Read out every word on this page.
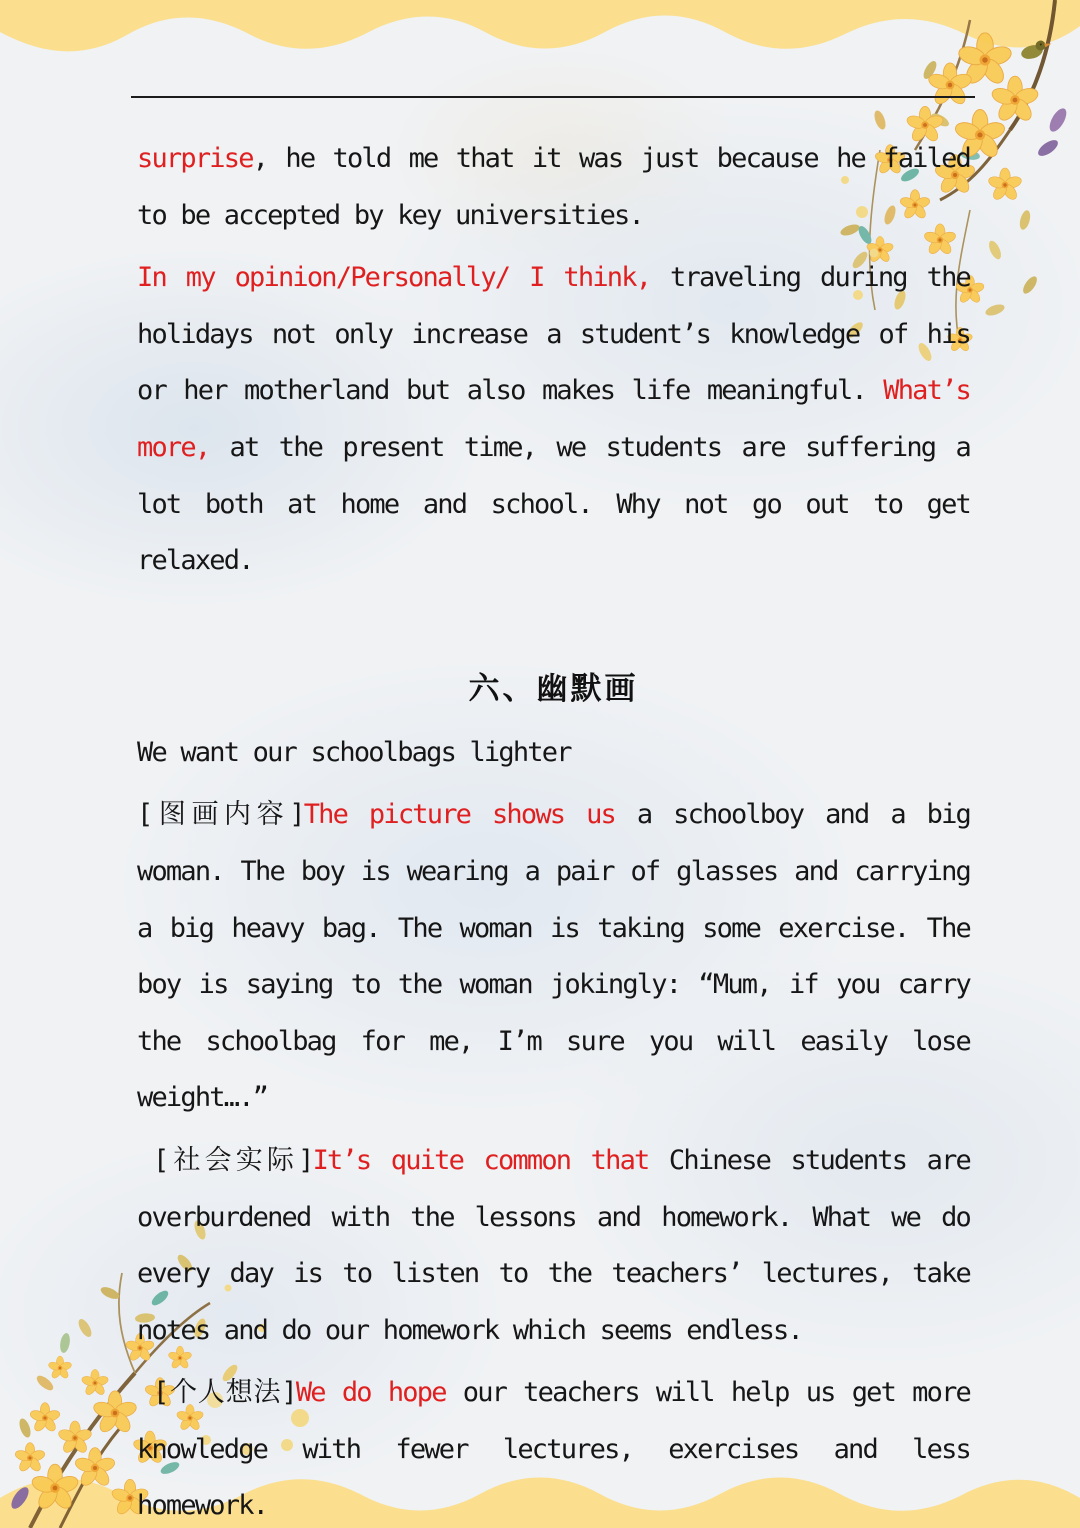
surprise, he told me that it was just because he failed to be accepted by key universities.

In my opinion/Personally/ I think, traveling during the holidays not only increase a student’s knowledge of his or her motherland but also makes life meaningful. What’s more, at the present time, we students are suffering a lot both at home and school. Why not go out to get relaxed.

六、幽默画

We want our schoolbags lighter

[图画内容]The picture shows us a schoolboy and a big woman. The boy is wearing a pair of glasses and carrying a big heavy bag. The woman is taking some exercise. The boy is saying to the woman jokingly: “Mum, if you carry the schoolbag for me, I’m sure you will easily lose weight….”

[社会实际]It’s quite common that Chinese students are overburdened with the lessons and homework. What we do every day is to listen to the teachers’ lectures, take notes and do our homework which seems endless.

[个人想法]We do hope our teachers will help us get more knowledge with fewer lectures, exercises and less homework.
